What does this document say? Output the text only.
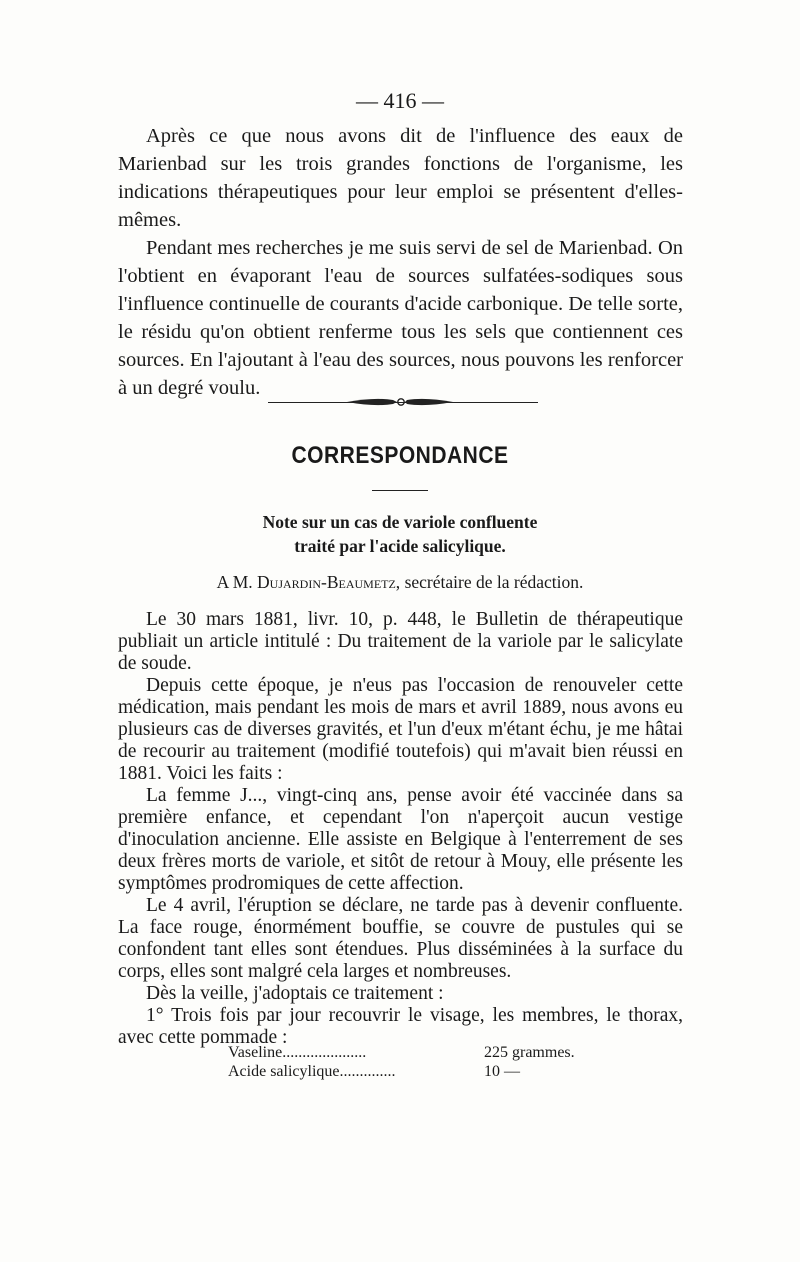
— 416 —

Après ce que nous avons dit de l'influence des eaux de Marienbad sur les trois grandes fonctions de l'organisme, les indications thérapeutiques pour leur emploi se présentent d'elles-mêmes.

Pendant mes recherches je me suis servi de sel de Marienbad. On l'obtient en évaporant l'eau de sources sulfatées-sodiques sous l'influence continuelle de courants d'acide carbonique. De telle sorte, le résidu qu'on obtient renferme tous les sels que contiennent ces sources. En l'ajoutant à l'eau des sources, nous pouvons les renforcer à un degré voulu.

CORRESPONDANCE
Note sur un cas de variole confluente
traité par l'acide salicylique.
A M. Dujardin-Beaumetz, secrétaire de la rédaction.

Le 30 mars 1881, livr. 10, p. 448, le Bulletin de thérapeutique publiait un article intitulé : Du traitement de la variole par le salicylate de soude.

Depuis cette époque, je n'eus pas l'occasion de renouveler cette médication, mais pendant les mois de mars et avril 1889, nous avons eu plusieurs cas de diverses gravités, et l'un d'eux m'étant échu, je me hâtai de recourir au traitement (modifié toutefois) qui m'avait bien réussi en 1881. Voici les faits :

La femme J..., vingt-cinq ans, pense avoir été vaccinée dans sa première enfance, et cependant l'on n'aperçoit aucun vestige d'inoculation ancienne. Elle assiste en Belgique à l'enterrement de ses deux frères morts de variole, et sitôt de retour à Mouy, elle présente les symptômes prodromiques de cette affection.

Le 4 avril, l'éruption se déclare, ne tarde pas à devenir confluente. La face rouge, énormément bouffie, se couvre de pustules qui se confondent tant elles sont étendues. Plus disséminées à la surface du corps, elles sont malgré cela larges et nombreuses.

Dès la veille, j'adoptais ce traitement :

1° Trois fois par jour recouvrir le visage, les membres, le thorax, avec cette pommade :

Vaseline.....................	225 grammes.
Acide salicylique..............	10 —
